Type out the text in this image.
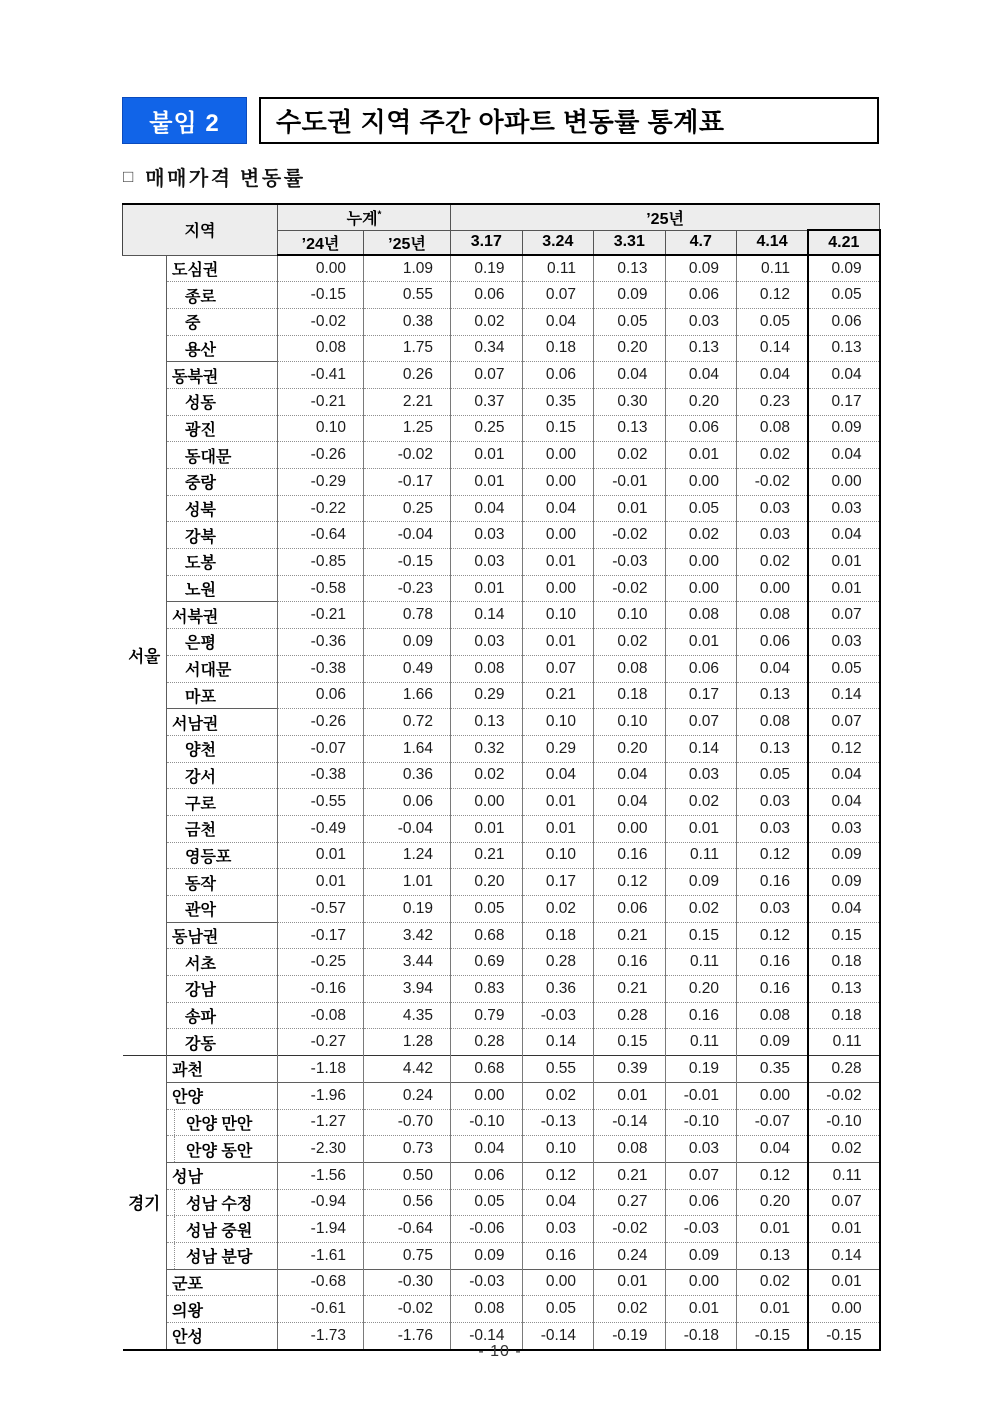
붙임 2	수도권 지역 주간 아파트 변동률 통계표
□ 매매가격 변동률
지역		누계*		’25년					
		’24년	’25년	3.17	3.24	3.31	4.7	4.14	4.21
서울	도심권	0.00	1.09	0.19	0.11	0.13	0.09	0.11	0.09

종로	-0.15	0.55	0.06	0.07	0.09	0.06	0.12	0.05

중	-0.02	0.38	0.02	0.04	0.05	0.03	0.05	0.06

용산	0.08	1.75	0.34	0.18	0.20	0.13	0.14	0.13

동북권	-0.41	0.26	0.07	0.06	0.04	0.04	0.04	0.04

성동	-0.21	2.21	0.37	0.35	0.30	0.20	0.23	0.17

광진	0.10	1.25	0.25	0.15	0.13	0.06	0.08	0.09

동대문	-0.26	-0.02	0.01	0.00	0.02	0.01	0.02	0.04

중랑	-0.29	-0.17	0.01	0.00	-0.01	0.00	-0.02	0.00

성북	-0.22	0.25	0.04	0.04	0.01	0.05	0.03	0.03

강북	-0.64	-0.04	0.03	0.00	-0.02	0.02	0.03	0.04

도봉	-0.85	-0.15	0.03	0.01	-0.03	0.00	0.02	0.01

노원	-0.58	-0.23	0.01	0.00	-0.02	0.00	0.00	0.01

서북권	-0.21	0.78	0.14	0.10	0.10	0.08	0.08	0.07

은평	-0.36	0.09	0.03	0.01	0.02	0.01	0.06	0.03

서대문	-0.38	0.49	0.08	0.07	0.08	0.06	0.04	0.05

마포	0.06	1.66	0.29	0.21	0.18	0.17	0.13	0.14

서남권	-0.26	0.72	0.13	0.10	0.10	0.07	0.08	0.07

양천	-0.07	1.64	0.32	0.29	0.20	0.14	0.13	0.12

강서	-0.38	0.36	0.02	0.04	0.04	0.03	0.05	0.04

구로	-0.55	0.06	0.00	0.01	0.04	0.02	0.03	0.04

금천	-0.49	-0.04	0.01	0.01	0.00	0.01	0.03	0.03

영등포	0.01	1.24	0.21	0.10	0.16	0.11	0.12	0.09

동작	0.01	1.01	0.20	0.17	0.12	0.09	0.16	0.09

관악	-0.57	0.19	0.05	0.02	0.06	0.02	0.03	0.04

동남권	-0.17	3.42	0.68	0.18	0.21	0.15	0.12	0.15

서초	-0.25	3.44	0.69	0.28	0.16	0.11	0.16	0.18

강남	-0.16	3.94	0.83	0.36	0.21	0.20	0.16	0.13

송파	-0.08	4.35	0.79	-0.03	0.28	0.16	0.08	0.18

강동	-0.27	1.28	0.28	0.14	0.15	0.11	0.09	0.11
경기	과천	-1.18	4.42	0.68	0.55	0.39	0.19	0.35	0.28

안양	-1.96	0.24	0.00	0.02	0.01	-0.01	0.00	-0.02

안양 만안	-1.27	-0.70	-0.10	-0.13	-0.14	-0.10	-0.07	-0.10

안양 동안	-2.30	0.73	0.04	0.10	0.08	0.03	0.04	0.02

성남	-1.56	0.50	0.06	0.12	0.21	0.07	0.12	0.11

성남 수정	-0.94	0.56	0.05	0.04	0.27	0.06	0.20	0.07

성남 중원	-1.94	-0.64	-0.06	0.03	-0.02	-0.03	0.01	0.01

성남 분당	-1.61	0.75	0.09	0.16	0.24	0.09	0.13	0.14

군포	-0.68	-0.30	-0.03	0.00	0.01	0.00	0.02	0.01

의왕	-0.61	-0.02	0.08	0.05	0.02	0.01	0.01	0.00

안성	-1.73	-1.76	-0.14	-0.14	-0.19	-0.18	-0.15	-0.15
- 10 -
